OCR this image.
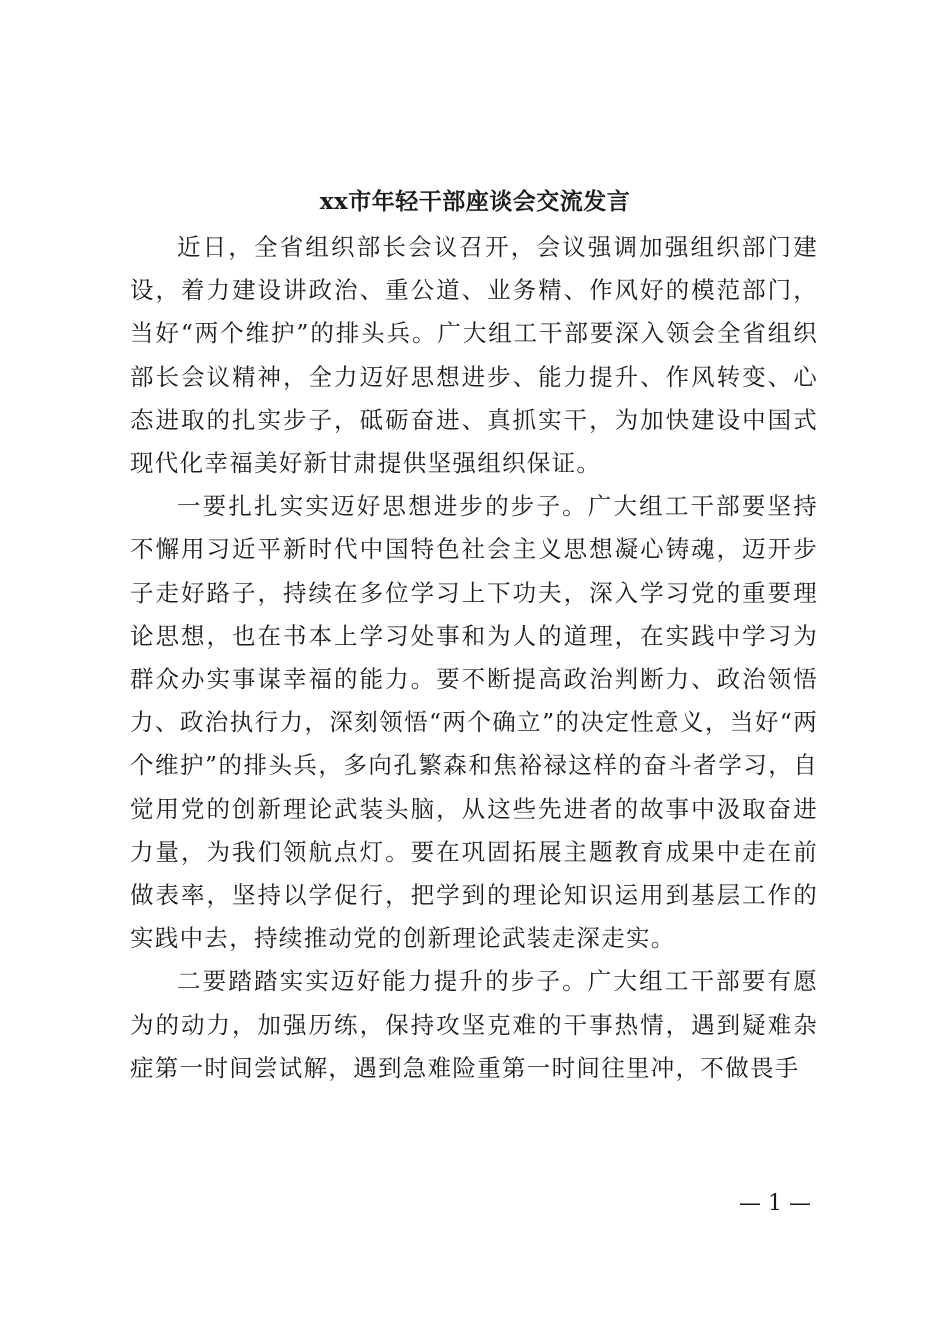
xx市年轻干部座谈会交流发言

近日，全省组织部长会议召开，会议强调加强组织部门建设，着力建设讲政治、重公道、业务精、作风好的模范部门，当好“两个维护”的排头兵。广大组工干部要深入领会全省组织部长会议精神，全力迈好思想进步、能力提升、作风转变、心态进取的扎实步子，砥砺奋进、真抓实干，为加快建设中国式现代化幸福美好新甘肃提供坚强组织保证。

一要扎扎实实迈好思想进步的步子。广大组工干部要坚持不懈用习近平新时代中国特色社会主义思想凝心铸魂，迈开步子走好路子，持续在多位学习上下功夫，深入学习党的重要理论思想，也在书本上学习处事和为人的道理，在实践中学习为群众办实事谋幸福的能力。要不断提高政治判断力、政治领悟力、政治执行力，深刻领悟“两个确立”的决定性意义，当好“两个维护”的排头兵，多向孔繁森和焦裕禄这样的奋斗者学习，自觉用党的创新理论武装头脑，从这些先进者的故事中汲取奋进力量，为我们领航点灯。要在巩固拓展主题教育成果中走在前做表率，坚持以学促行，把学到的理论知识运用到基层工作的实践中去，持续推动党的创新理论武装走深走实。

二要踏踏实实迈好能力提升的步子。广大组工干部要有愿为的动力，加强历练，保持攻坚克难的干事热情，遇到疑难杂症第一时间尝试解，遇到急难险重第一时间往里冲，不做畏手

— 1 —
